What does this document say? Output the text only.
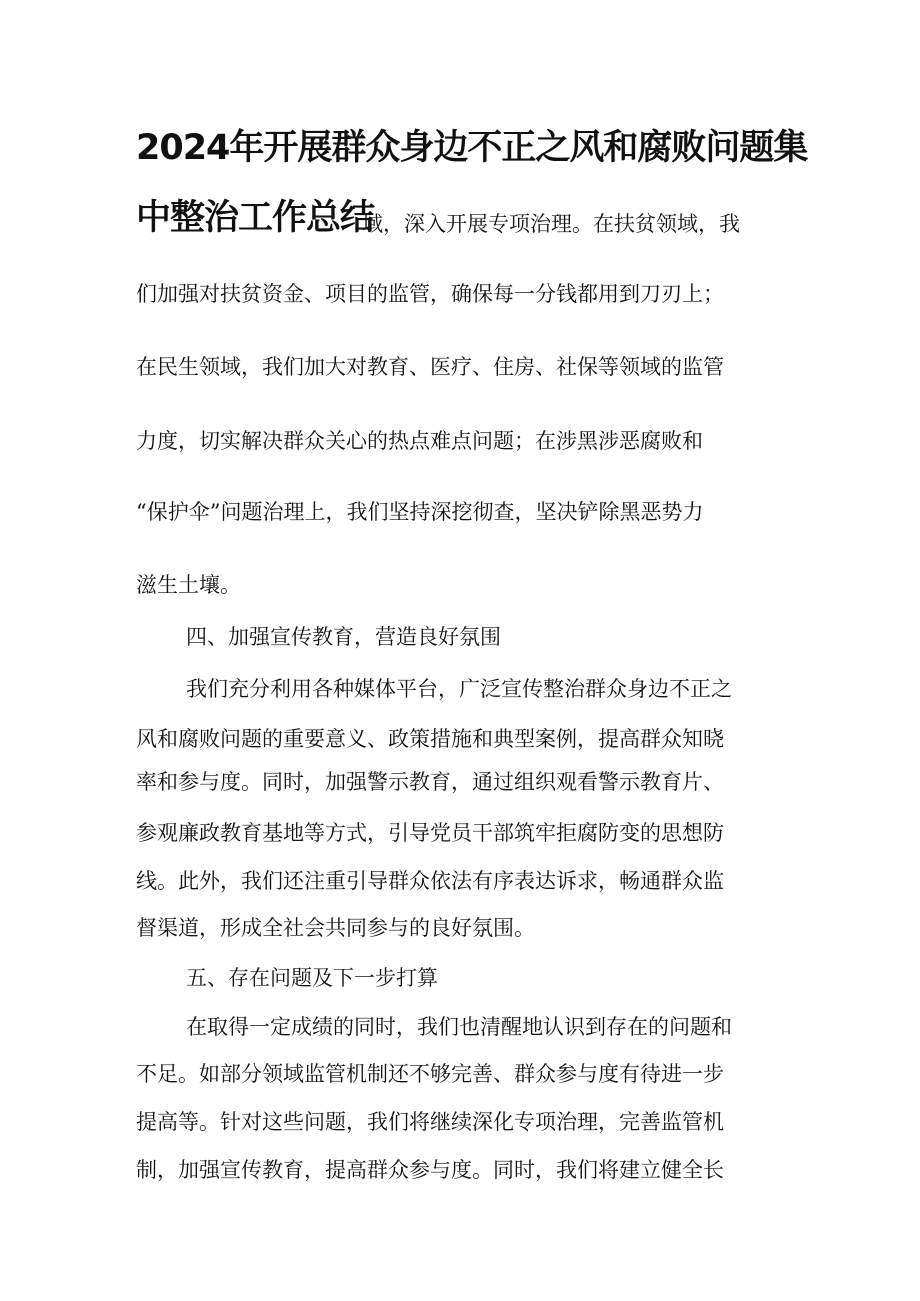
2024年开展群众身边不正之风和腐败问题集
中整治工作总结
域，深入开展专项治理。在扶贫领域，我
们加强对扶贫资金、项目的监管，确保每一分钱都用到刀刃上；
在民生领域，我们加大对教育、医疗、住房、社保等领域的监管
力度，切实解决群众关心的热点难点问题；在涉黑涉恶腐败和
“保护伞”问题治理上，我们坚持深挖彻查，坚决铲除黑恶势力
滋生土壤。
四、加强宣传教育，营造良好氛围
我们充分利用各种媒体平台，广泛宣传整治群众身边不正之
风和腐败问题的重要意义、政策措施和典型案例，提高群众知晓
率和参与度。同时，加强警示教育，通过组织观看警示教育片、
参观廉政教育基地等方式，引导党员干部筑牢拒腐防变的思想防
线。此外，我们还注重引导群众依法有序表达诉求，畅通群众监
督渠道，形成全社会共同参与的良好氛围。
五、存在问题及下一步打算
在取得一定成绩的同时，我们也清醒地认识到存在的问题和
不足。如部分领域监管机制还不够完善、群众参与度有待进一步
提高等。针对这些问题，我们将继续深化专项治理，完善监管机
制，加强宣传教育，提高群众参与度。同时，我们将建立健全长
